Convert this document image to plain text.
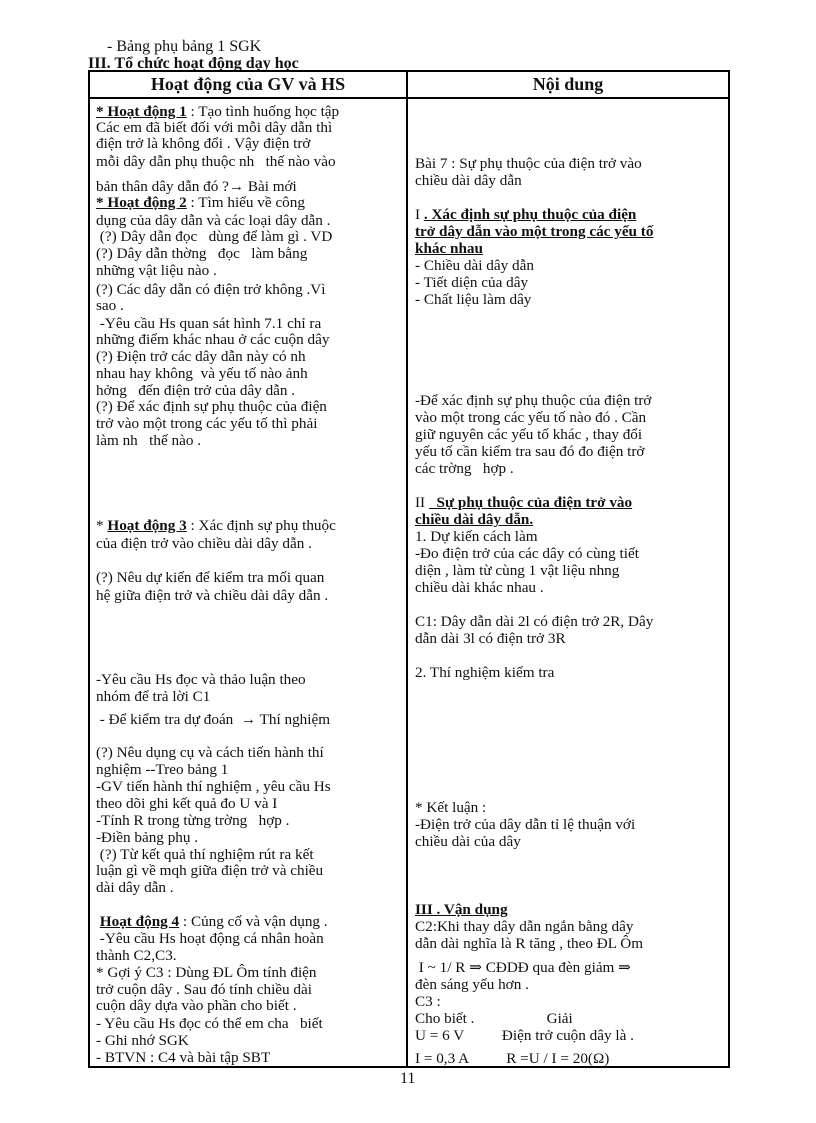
- Bảng phụ bảng 1 SGK
III. Tổ chức hoạt động dạy học
Hoạt động của GV và HS	Nội dung
* Hoạt động 1 : Tạo tình huống học tập
Các em đã biết đối với mỗi dây dẫn thì
điện trở là không đổi . Vậy điện trở
mỗi dây dẫn phụ thuộc nh   thế nào vào
bản thân dây dẫn đó ?→ Bài mới
* Hoạt động 2 : Tìm hiểu về công
dụng của dây dẫn và các loại dây dẫn .
(?) Dây dẫn đọc   dùng để làm gì . VD
(?) Dây dẫn thờng   đọc   làm bằng
những vật liệu nào .
(?) Các dây dẫn có điện trở không .Vì
sao .
-Yêu cầu Hs quan sát hình 7.1 chỉ ra
những điểm khác nhau ở các cuộn dây
(?) Điện trở các dây dẫn này có nh
nhau hay không  và yếu tố nào ảnh
hởng   đến điện trở của dây dẫn .
(?) Để xác định sự phụ thuộc của điện
trở vào một trong các yếu tố thì phải
làm nh   thế nào .
* Hoạt động 3 : Xác định sự phụ thuộc
của điện trở vào chiều dài dây dẫn .
(?) Nêu dự kiến để kiểm tra mối quan
hệ giữa điện trở và chiều dài dây dẫn .
-Yêu cầu Hs đọc và thảo luận theo
nhóm để trả lời C1
- Để kiểm tra dự đoán  → Thí nghiệm
(?) Nêu dụng cụ và cách tiến hành thí
nghiệm --Treo bảng 1
-GV tiến hành thí nghiệm , yêu cầu Hs
theo dõi ghi kết quả đo U và I
-Tính R trong từng trờng   hợp .
-Điền bảng phụ .
(?) Từ kết quả thí nghiệm rút ra kết
luận gì về mqh giữa điện trở và chiều
dài dây dẫn .
Hoạt động 4 : Củng cố và vận dụng .
-Yêu cầu Hs hoạt động cá nhân hoàn
thành C2,C3.
* Gợi ý C3 : Dùng ĐL Ôm tính điện
trở cuộn dây . Sau đó tính chiều dài
cuộn dây dựa vào phần cho biết .
- Yêu cầu Hs đọc có thể em cha   biết
- Ghi nhớ SGK
- BTVN : C4 và bài tập SBT
Bài 7 : Sự phụ thuộc của điện trở vào
chiều dài dây dẫn
I . Xác định sự phụ thuộc của điện
trở dây dẫn vào một trong các yếu tố
khác nhau
- Chiều dài dây dẫn
- Tiết diện của dây
- Chất liệu làm dây
-Để xác định sự phụ thuộc của điện trở
vào một trong các yếu tố nào đó . Cần
giữ nguyên các yếu tố khác , thay đổi
yếu tố cần kiểm tra sau đó đo điện trở
các trờng   hợp .
II   Sự phụ thuộc của điện trở vào
chiều dài dây dẫn.
1. Dự kiến cách làm
-Đo điện trở của các dây có cùng tiết
diện , làm từ cùng 1 vật liệu nhng
chiều dài khác nhau .
C1: Dây dẫn dài 2l có điện trở 2R, Dây
dẫn dài 3l có điện trở 3R
2. Thí nghiệm kiểm tra
* Kết luận :
-Điện trở của dây dẫn tỉ lệ thuận với
chiều dài của dây
III . Vận dụng
C2:Khi thay dây dẫn ngắn bằng dây
dẫn dài nghĩa là R tăng , theo ĐL Ôm
I ~ 1/ R ⇒ CĐDĐ qua đèn giảm ⇒
đèn sáng yếu hơn .
C3 :
Cho biết .                   Giải
U = 6 V          Điện trở cuộn dây là .
I = 0,3 A          R =U / I = 20(Ω)
11
